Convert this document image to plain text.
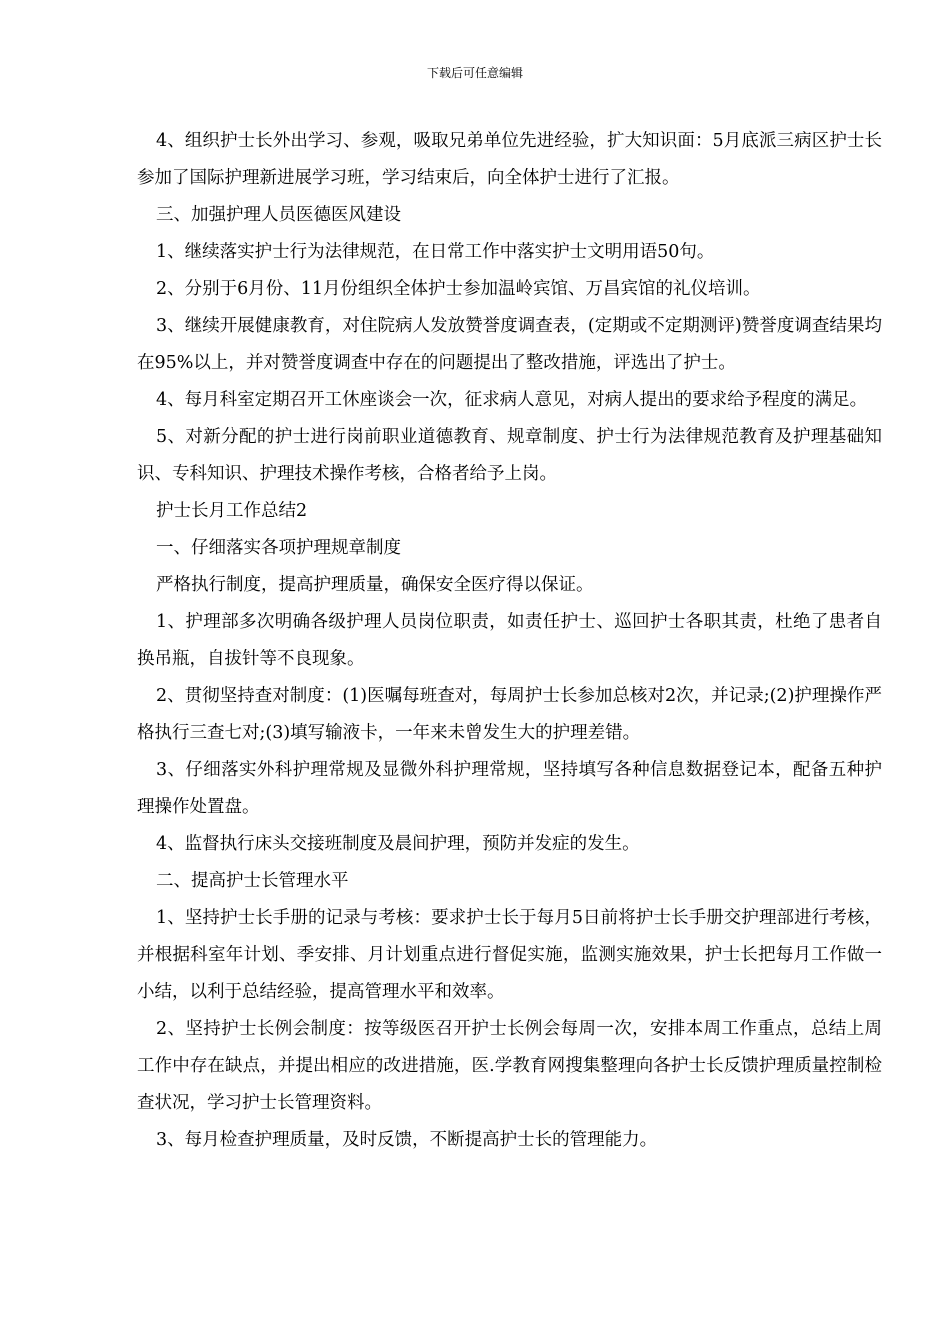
下载后可任意编辑

4、组织护士长外出学习、参观，吸取兄弟单位先进经验，扩大知识面：5月底派三病区护士长参加了国际护理新进展学习班，学习结束后，向全体护士进行了汇报。

三、加强护理人员医德医风建设

1、继续落实护士行为法律规范，在日常工作中落实护士文明用语50句。

2、分别于6月份、11月份组织全体护士参加温岭宾馆、万昌宾馆的礼仪培训。

3、继续开展健康教育，对住院病人发放赞誉度调查表，(定期或不定期测评)赞誉度调查结果均在95%以上，并对赞誉度调查中存在的问题提出了整改措施，评选出了护士。

4、每月科室定期召开工休座谈会一次，征求病人意见，对病人提出的要求给予程度的满足。

5、对新分配的护士进行岗前职业道德教育、规章制度、护士行为法律规范教育及护理基础知识、专科知识、护理技术操作考核，合格者给予上岗。

护士长月工作总结2

一、仔细落实各项护理规章制度

严格执行制度，提高护理质量，确保安全医疗得以保证。

1、护理部多次明确各级护理人员岗位职责，如责任护士、巡回护士各职其责，杜绝了患者自换吊瓶，自拔针等不良现象。

2、贯彻坚持查对制度：(1)医嘱每班查对，每周护士长参加总核对2次，并记录;(2)护理操作严格执行三查七对;(3)填写输液卡，一年来未曾发生大的护理差错。

3、仔细落实外科护理常规及显微外科护理常规，坚持填写各种信息数据登记本，配备五种护理操作处置盘。

4、监督执行床头交接班制度及晨间护理，预防并发症的发生。

二、提高护士长管理水平

1、坚持护士长手册的记录与考核：要求护士长于每月5日前将护士长手册交护理部进行考核，并根据科室年计划、季安排、月计划重点进行督促实施，监测实施效果，护士长把每月工作做一小结，以利于总结经验，提高管理水平和效率。

2、坚持护士长例会制度：按等级医召开护士长例会每周一次，安排本周工作重点，总结上周工作中存在缺点，并提出相应的改进措施，医.学教育网搜集整理向各护士长反馈护理质量控制检查状况，学习护士长管理资料。

3、每月检查护理质量，及时反馈，不断提高护士长的管理能力。
